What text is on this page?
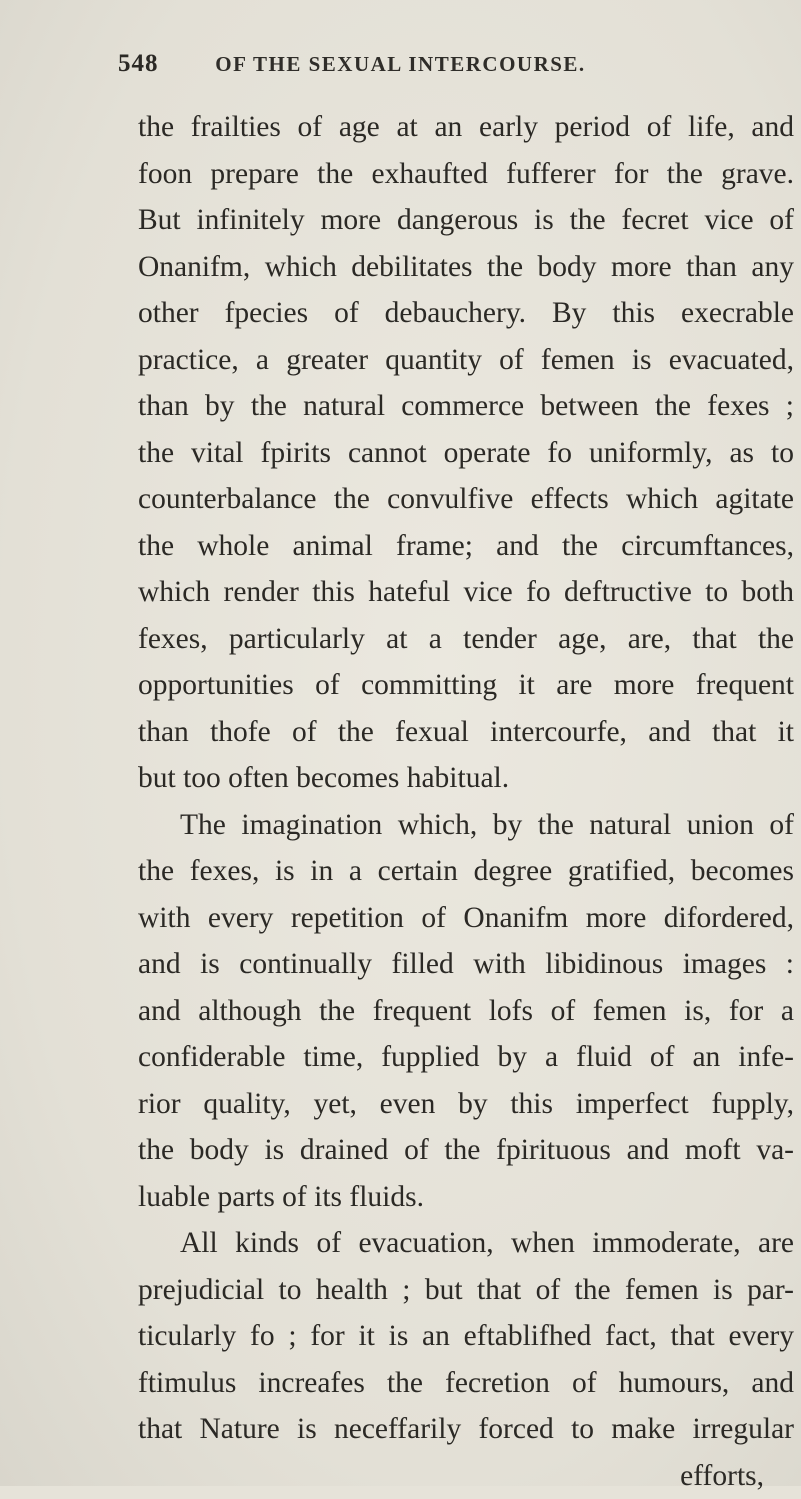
548	OF THE SEXUAL INTERCOURSE.
the frailties of age at an early period of life, and
foon prepare the exhaufted fufferer for the grave.
But infinitely more dangerous is the fecret vice of
Onanifm, which debilitates the body more than any
other fpecies of debauchery. By this execrable
practice, a greater quantity of femen is evacuated,
than by the natural commerce between the fexes ;
the vital fpirits cannot operate fo uniformly, as to
counterbalance the convulfive effects which agitate
the whole animal frame; and the circumftances,
which render this hateful vice fo deftructive to both
fexes, particularly at a tender age, are, that the
opportunities of committing it are more frequent
than thofe of the fexual intercourfe, and that it
but too often becomes habitual.
The imagination which, by the natural union of
the fexes, is in a certain degree gratified, becomes
with every repetition of Onanifm more difordered,
and is continually filled with libidinous images :
and although the frequent lofs of femen is, for a
confiderable time, fupplied by a fluid of an infe-
rior quality, yet, even by this imperfect fupply,
the body is drained of the fpirituous and moft va-
luable parts of its fluids.
All kinds of evacuation, when immoderate, are
prejudicial to health ; but that of the femen is par-
ticularly fo ; for it is an eftablifhed fact, that every
ftimulus increafes the fecretion of humours, and
that Nature is neceffarily forced to make irregular
efforts,
